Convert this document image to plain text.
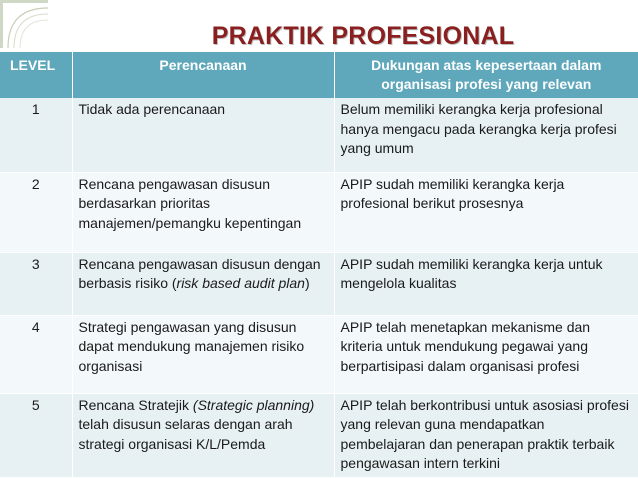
PRAKTIK PROFESIONAL
LEVEL	Perencanaan	Dukungan atas kepesertaan dalam organisasi profesi yang relevan
1	Tidak ada perencanaan	Belum memiliki kerangka kerja profesional hanya mengacu pada kerangka kerja profesi yang umum
2	Rencana pengawasan disusun berdasarkan prioritas manajemen/pemangku kepentingan	APIP sudah memiliki kerangka kerja profesional berikut prosesnya
3	Rencana pengawasan disusun dengan berbasis risiko (risk based audit plan)	APIP sudah memiliki kerangka kerja untuk mengelola kualitas
4	Strategi pengawasan yang disusun dapat mendukung manajemen risiko organisasi	APIP telah menetapkan mekanisme dan kriteria untuk mendukung pegawai yang berpartisipasi dalam organisasi profesi
5	Rencana Stratejik (Strategic planning) telah disusun selaras dengan arah strategi organisasi K/L/Pemda	APIP telah berkontribusi untuk asosiasi profesi yang relevan guna mendapatkan pembelajaran dan penerapan praktik terbaik pengawasan intern terkini
